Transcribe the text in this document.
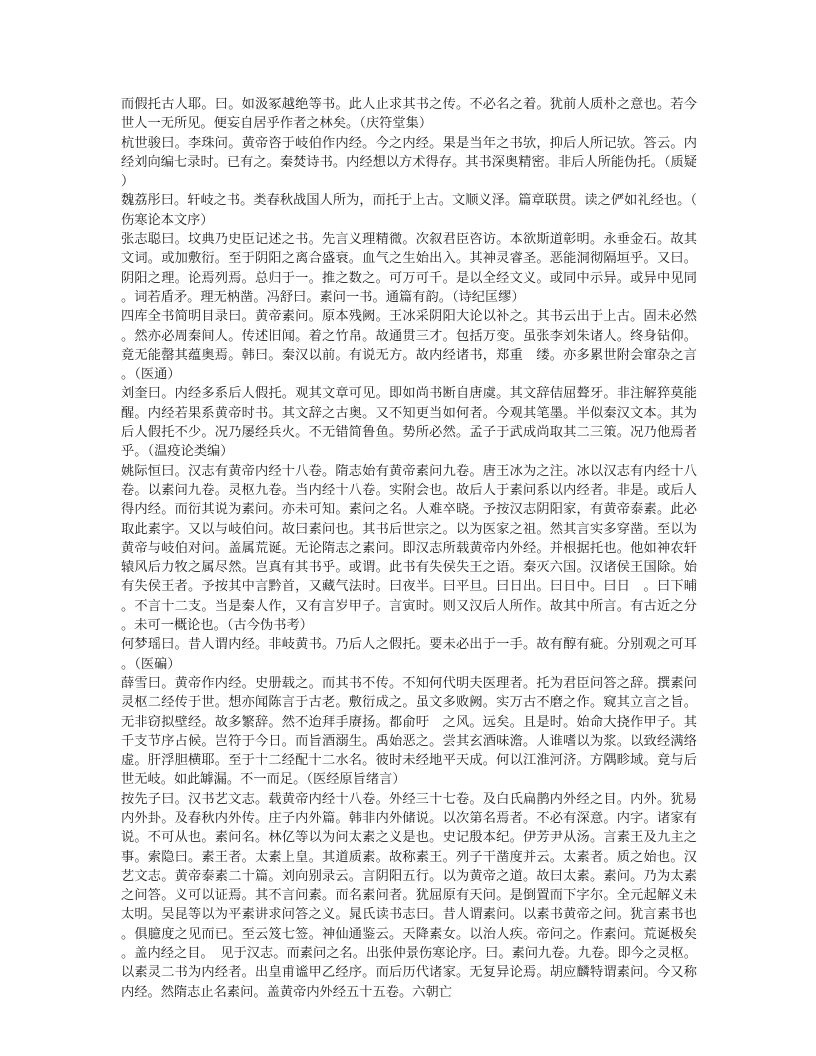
而假托古人耶。曰。如汲冢越绝等书。此人止求其书之传。不必名之着。犹前人质朴之意也。若今世人一无所见。便妄自居乎作者之林矣。（庆符堂集）

杭世骏曰。李珠问。黄帝咨于岐伯作内经。今之内经。果是当年之书欤，抑后人所记欤。答云。内经刘向编七录时。已有之。秦焚诗书。内经想以方术得存。其书深奥精密。非后人所能伪托。（质疑）

魏荔彤曰。轩岐之书。类春秋战国人所为，而托于上古。文顺义泽。篇章联贯。读之俨如礼经也。（伤寒论本文序）

张志聪曰。坟典乃史臣记述之书。先言义理精微。次叙君臣咨访。本欲斯道彰明。永垂金石。故其文词。或加敷衍。至于阴阳之离合盛衰。血气之生始出入。其神灵睿圣。恶能洞彻隔垣乎。又曰。阴阳之理。论焉列焉。总归于一。推之数之。可万可千。是以全经文义。或同中示异。或异中见同。词若盾矛。理无枘凿。冯舒曰。素问一书。通篇有韵。（诗纪匡缪）

四库全书简明目录曰。黄帝素问。原本残阙。王冰采阴阳大论以补之。其书云出于上古。固未必然。然亦必周秦间人。传述旧闻。着之竹帛。故通贯三才。包括万变。虽张李刘朱诸人。终身钻仰。竟无能罄其蕴奥焉。韩曰。秦汉以前。有说无方。故内经诸书，郑重　缕。亦多累世附会窜杂之言。（医通）

刘奎曰。内经多系后人假托。观其文章可见。即如尚书断自唐虞。其文辞佶屈聱牙。非注解猝莫能醒。内经若果系黄帝时书。其文辞之古奥。又不知更当如何者。今观其笔墨。半似秦汉文本。其为后人假托不少。况乃屡经兵火。不无错简鲁鱼。势所必然。孟子于武成尚取其二三策。况乃他焉者乎。（温疫论类编）

姚际恒曰。汉志有黄帝内经十八卷。隋志始有黄帝素问九卷。唐王冰为之注。冰以汉志有内经十八卷。以素问九卷。灵枢九卷。当内经十八卷。实附会也。故后人于素问系以内经者。非是。或后人得内经。而衍其说为素问。亦未可知。素问之名。人难卒晓。予按汉志阴阳家，有黄帝泰素。此必取此素字。又以与岐伯问。故曰素问也。其书后世宗之。以为医家之祖。然其言实多穿凿。至以为黄帝与岐伯对问。盖属荒诞。无论隋志之素问。即汉志所载黄帝内外经。并根据托也。他如神农轩辕风后力牧之属尽然。岂真有其书乎。或谓。此书有失侯失王之语。秦灭六国。汉诸侯王国除。始有失侯王者。予按其中言黔首，又藏气法时。曰夜半。曰平旦。曰日出。曰日中。曰日　。曰下晡。不言十二支。当是秦人作，又有言岁甲子。言寅时。则又汉后人所作。故其中所言。有古近之分。未可一概论也。（古今伪书考）

何梦瑶曰。昔人谓内经。非岐黄书。乃后人之假托。要未必出于一手。故有醇有疵。分别观之可耳。（医碥）

薛雪曰。黄帝作内经。史册载之。而其书不传。不知何代明夫医理者。托为君臣问答之辞。撰素问灵枢二经传于世。想亦闻陈言于古老。敷衍成之。虽文多败阙。实万古不磨之作。窥其立言之旨。无非窃拟壁经。故多繁辞。然不迨拜手赓扬。都俞吁　之风。远矣。且是时。始命大挠作甲子。其千支节序占候。岂符于今日。而旨酒溺生。禹始恶之。尝其玄酒味澹。人谁嗜以为浆。以致经满络虚。肝浮胆横耶。至于十二经配十二水名。彼时未经地平天成。何以江淮河济。方隅畛域。竟与后世无岐。如此罅漏。不一而足。（医经原旨绪言）

按先子曰。汉书艺文志。载黄帝内经十八卷。外经三十七卷。及白氏扁鹊内外经之目。内外。犹易内外卦。及春秋内外传。庄子内外篇。韩非内外储说。以次第名焉者。不必有深意。内字。诸家有说。不可从也。素问名。林亿等以为问太素之义是也。史记殷本纪。伊芳尹从汤。言素王及九主之事。索隐曰。素王者。太素上皇。其道质素。故称素王。列子干凿度并云。太素者。质之始也。汉艺文志。黄帝泰素二十篇。刘向别录云。言阴阳五行。以为黄帝之道。故曰太素。素问。乃为太素之问答。义可以证焉。其不言问素。而名素问者。犹屈原有天问。是倒置而下字尔。全元起解义未太明。吴昆等以为平素讲求问答之义。晁氏读书志曰。昔人谓素问。以素书黄帝之问。犹言素书也。俱臆度之见而已。至云笈七签。神仙通鉴云。天降素女。以治人疾。帝问之。作素问。荒诞极矣。盖内经之目。　见于汉志。而素问之名。出张仲景伤寒论序。曰。素问九卷。九卷。即今之灵枢。以素灵二书为内经者。出皇甫谧甲乙经序。而后历代诸家。无复异论焉。胡应麟特谓素问。今又称内经。然隋志止名素问。盖黄帝内外经五十五卷。六朝亡
